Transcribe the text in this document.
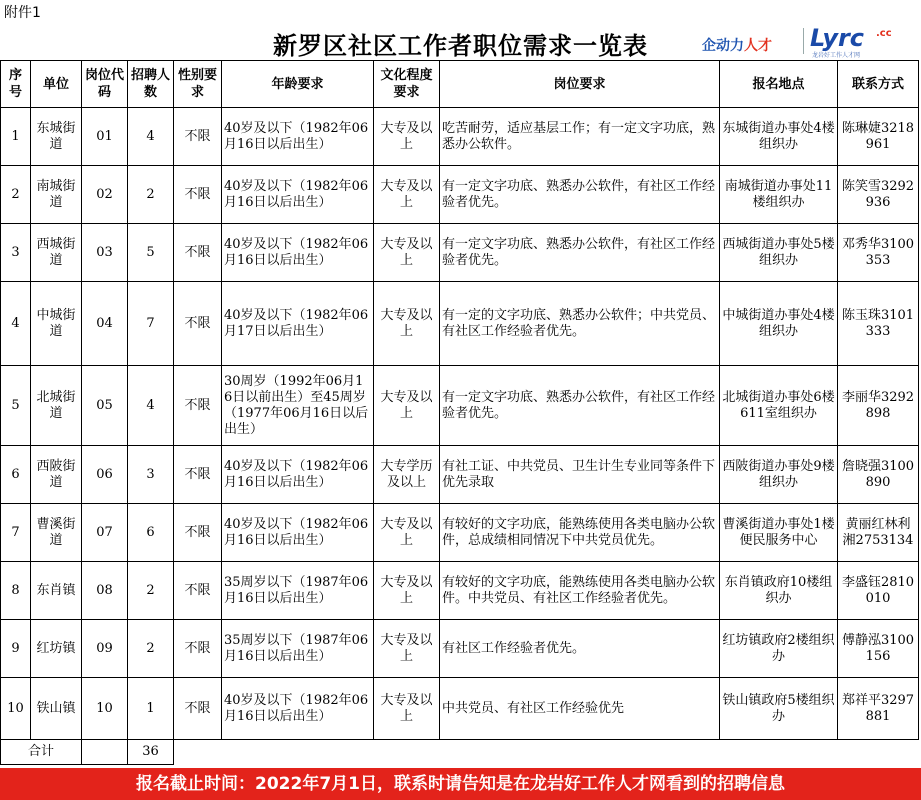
附件1
新罗区社区工作者职位需求一览表	企动力人才 Lyrc .cc
龙岩好工作人才网
序号	单位	岗位代码	招聘人数	性别要求	年龄要求	文化程度要求	岗位要求	报名地点	联系方式
1	东城街道	01	4	不限	40岁及以下（1982年06月16日以后出生）	大专及以上	吃苦耐劳，适应基层工作；有一定文字功底，熟悉办公软件。	东城街道办事处4楼组织办	陈琳婕3218961
2	南城街道	02	2	不限	40岁及以下（1982年06月16日以后出生）	大专及以上	有一定文字功底、熟悉办公软件，有社区工作经验者优先。	南城街道办事处11楼组织办	陈笑雪3292936
3	西城街道	03	5	不限	40岁及以下（1982年06月16日以后出生）	大专及以上	有一定文字功底、熟悉办公软件，有社区工作经验者优先。	西城街道办事处5楼组织办	邓秀华3100353
4	中城街道	04	7	不限	40岁及以下（1982年06月17日以后出生）	大专及以上	有一定的文字功底、熟悉办公软件；中共党员、有社区工作经验者优先。	中城街道办事处4楼组织办	陈玉珠3101333
5	北城街道	05	4	不限	30周岁（1992年06月16日以前出生）至45周岁（1977年06月16日以后出生）	大专及以上	有一定文字功底、熟悉办公软件，有社区工作经验者优先。	北城街道办事处6楼611室组织办	李丽华3292898
6	西陂街道	06	3	不限	40岁及以下（1982年06月16日以后出生）	大专学历及以上	有社工证、中共党员、卫生计生专业同等条件下优先录取	西陂街道办事处9楼组织办	詹晓强3100890
7	曹溪街道	07	6	不限	40岁及以下（1982年06月16日以后出生）	大专及以上	有较好的文字功底，能熟练使用各类电脑办公软件，总成绩相同情况下中共党员优先。	曹溪街道办事处1楼便民服务中心	黄丽红林利湘2753134
8	东肖镇	08	2	不限	35周岁以下（1987年06月16日以后出生）	大专及以上	有较好的文字功底，能熟练使用各类电脑办公软件。中共党员、有社区工作经验者优先。	东肖镇政府10楼组织办	李盛钰2810010
9	红坊镇	09	2	不限	35周岁以下（1987年06月16日以后出生）	大专及以上	有社区工作经验者优先。	红坊镇政府2楼组织办	傅静泓3100156
10	铁山镇	10	1	不限	40岁及以下（1982年06月16日以后出生）	大专及以上	中共党员、有社区工作经验优先	铁山镇政府5楼组织办	郑祥平3297881
合计			36						
报名截止时间：2022年7月1日，联系时请告知是在龙岩好工作人才网看到的招聘信息
